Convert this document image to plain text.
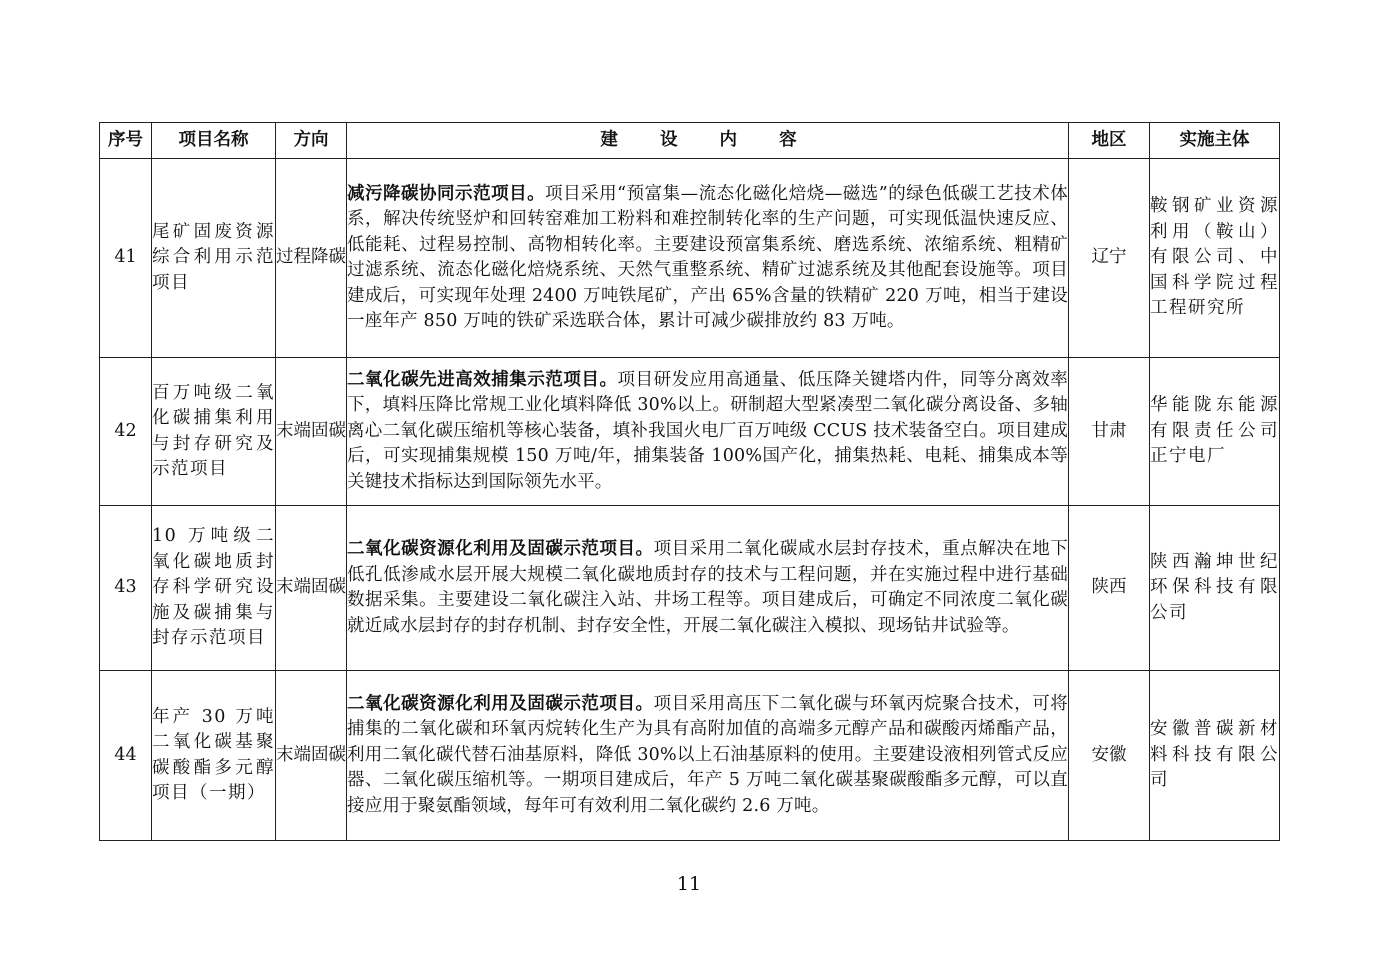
序号	项目名称	方向	建 设 内 容	地区	实施主体
41	尾矿固废资源综合利用示范项目	过程降碳	减污降碳协同示范项目。项目采用“预富集—流态化磁化焙烧—磁选”的绿色低碳工艺技术体系，解决传统竖炉和回转窑难加工粉料和难控制转化率的生产问题，可实现低温快速反应、低能耗、过程易控制、高物相转化率。主要建设预富集系统、磨选系统、浓缩系统、粗精矿过滤系统、流态化磁化焙烧系统、天然气重整系统、精矿过滤系统及其他配套设施等。项目建成后，可实现年处理 2400 万吨铁尾矿，产出 65%含量的铁精矿 220 万吨，相当于建设一座年产 850 万吨的铁矿采选联合体，累计可减少碳排放约 83 万吨。	辽宁	鞍钢矿业资源利用（鞍山）有限公司、中国科学院过程工程研究所
42	百万吨级二氧化碳捕集利用与封存研究及示范项目	末端固碳	二氧化碳先进高效捕集示范项目。项目研发应用高通量、低压降关键塔内件，同等分离效率下，填料压降比常规工业化填料降低 30%以上。研制超大型紧凑型二氧化碳分离设备、多轴离心二氧化碳压缩机等核心装备，填补我国火电厂百万吨级 CCUS 技术装备空白。项目建成后，可实现捕集规模 150 万吨/年，捕集装备 100%国产化，捕集热耗、电耗、捕集成本等关键技术指标达到国际领先水平。	甘肃	华能陇东能源有限责任公司正宁电厂
43	10 万吨级二氧化碳地质封存科学研究设施及碳捕集与封存示范项目	末端固碳	二氧化碳资源化利用及固碳示范项目。项目采用二氧化碳咸水层封存技术，重点解决在地下低孔低渗咸水层开展大规模二氧化碳地质封存的技术与工程问题，并在实施过程中进行基础数据采集。主要建设二氧化碳注入站、井场工程等。项目建成后，可确定不同浓度二氧化碳就近咸水层封存的封存机制、封存安全性，开展二氧化碳注入模拟、现场钻井试验等。	陕西	陕西瀚坤世纪环保科技有限公司
44	年产 30 万吨二氧化碳基聚碳酸酯多元醇项目（一期）	末端固碳	二氧化碳资源化利用及固碳示范项目。项目采用高压下二氧化碳与环氧丙烷聚合技术，可将捕集的二氧化碳和环氧丙烷转化生产为具有高附加值的高端多元醇产品和碳酸丙烯酯产品，利用二氧化碳代替石油基原料，降低 30%以上石油基原料的使用。主要建设液相列管式反应器、二氧化碳压缩机等。一期项目建成后，年产 5 万吨二氧化碳基聚碳酸酯多元醇，可以直接应用于聚氨酯领域，每年可有效利用二氧化碳约 2.6 万吨。	安徽	安徽普碳新材料科技有限公司
11
